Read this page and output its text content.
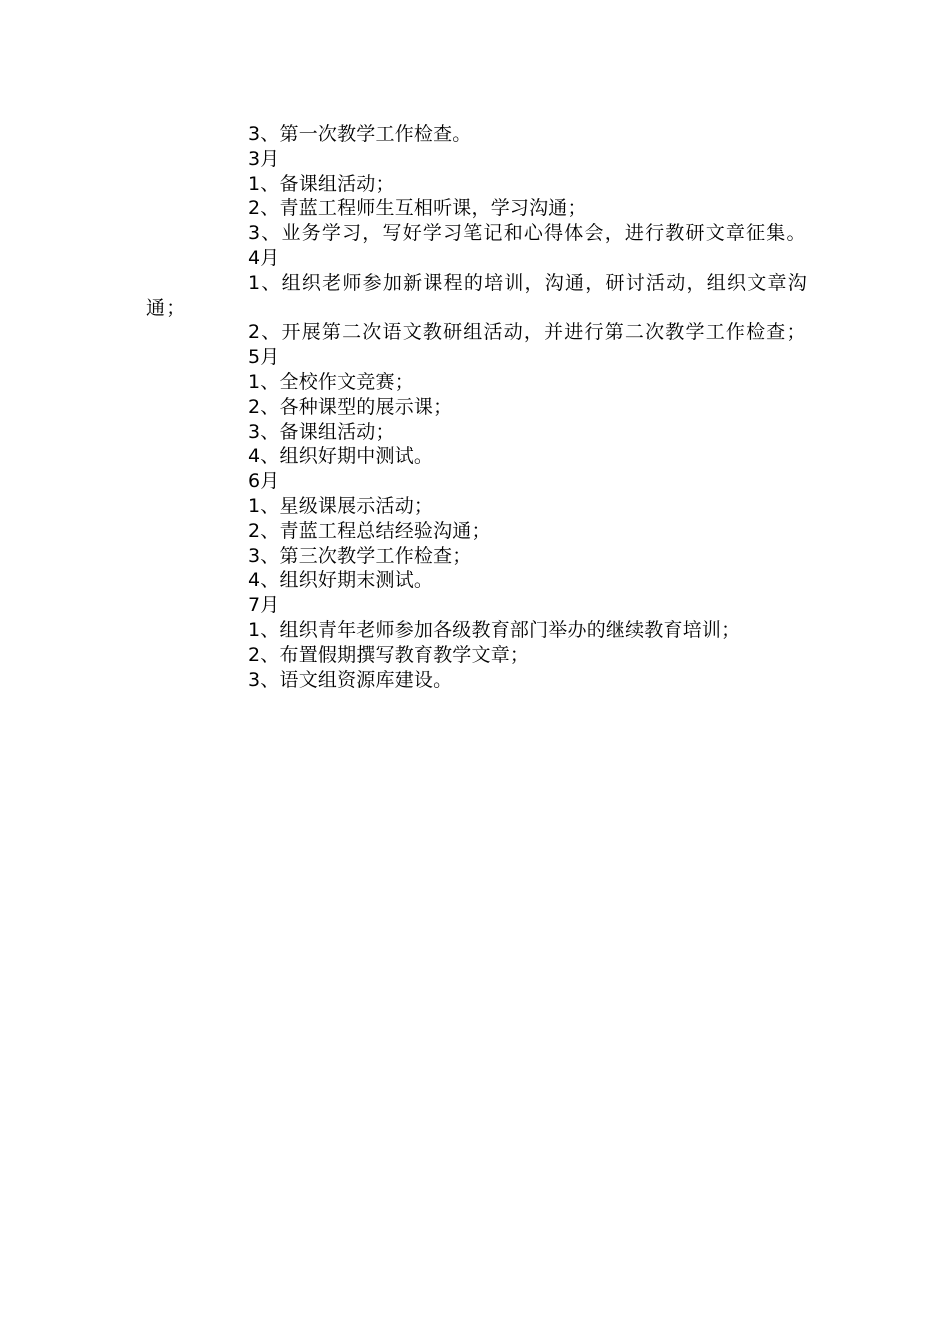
3、第一次教学工作检查。
3月
1、备课组活动；
2、青蓝工程师生互相听课，学习沟通；
3、业务学习，写好学习笔记和心得体会，进行教研文章征集。
4月
1、组织老师参加新课程的培训，沟通，研讨活动，组织文章沟通；
2、开展第二次语文教研组活动，并进行第二次教学工作检查；
5月
1、全校作文竞赛；
2、各种课型的展示课；
3、备课组活动；
4、组织好期中测试。
6月
1、星级课展示活动；
2、青蓝工程总结经验沟通；
3、第三次教学工作检查；
4、组织好期末测试。
7月
1、组织青年老师参加各级教育部门举办的继续教育培训；
2、布置假期撰写教育教学文章；
3、语文组资源库建设。
